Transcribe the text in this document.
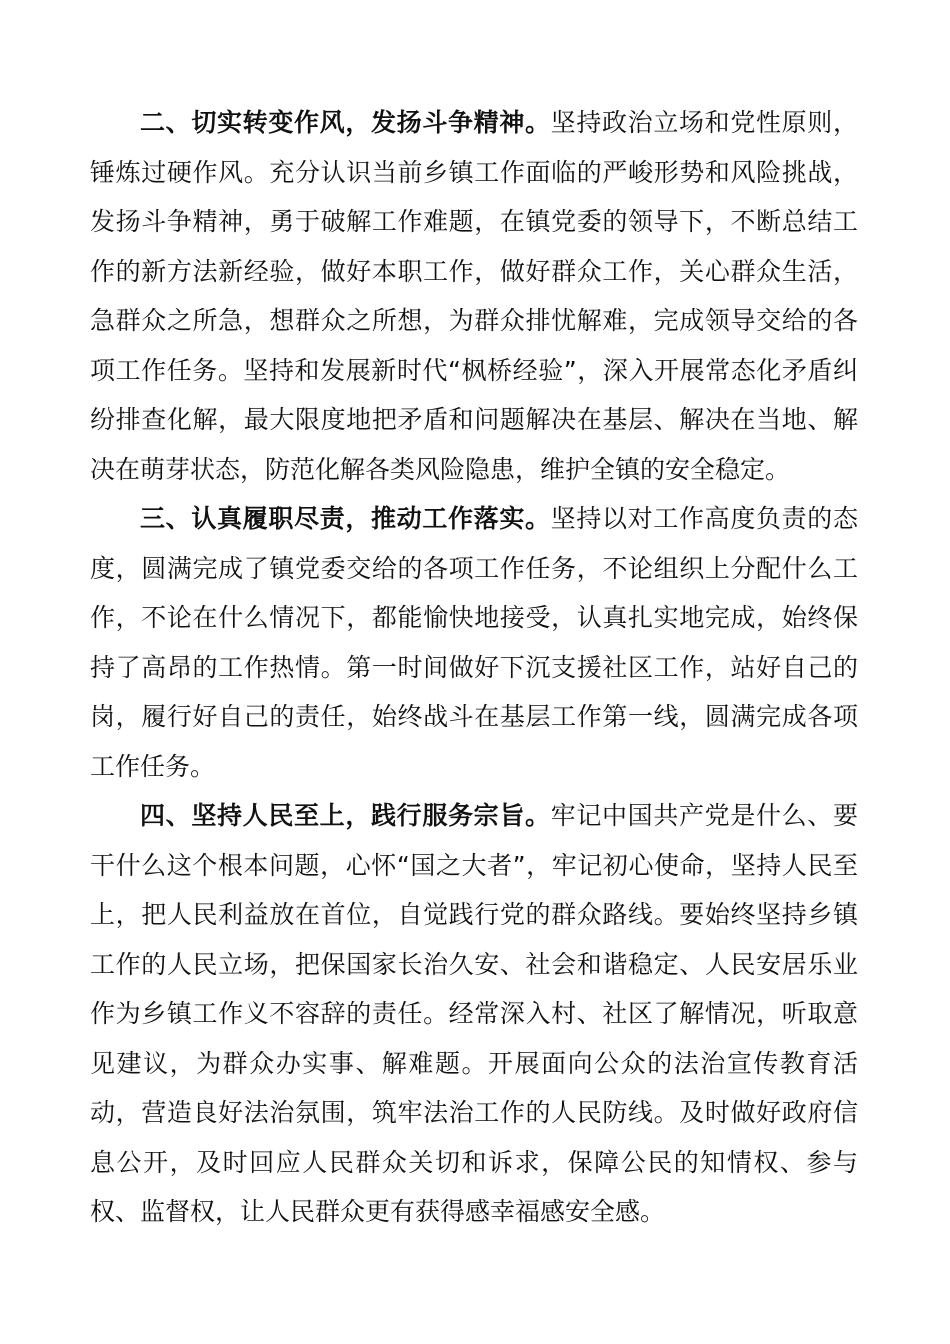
二、切实转变作风，发扬斗争精神。坚持政治立场和党性原则，锤炼过硬作风。充分认识当前乡镇工作面临的严峻形势和风险挑战，发扬斗争精神，勇于破解工作难题，在镇党委的领导下，不断总结工作的新方法新经验，做好本职工作，做好群众工作，关心群众生活，急群众之所急，想群众之所想，为群众排忧解难，完成领导交给的各项工作任务。坚持和发展新时代“枫桥经验”，深入开展常态化矛盾纠纷排查化解，最大限度地把矛盾和问题解决在基层、解决在当地、解决在萌芽状态，防范化解各类风险隐患，维护全镇的安全稳定。

三、认真履职尽责，推动工作落实。坚持以对工作高度负责的态度，圆满完成了镇党委交给的各项工作任务，不论组织上分配什么工作，不论在什么情况下，都能愉快地接受，认真扎实地完成，始终保持了高昂的工作热情。第一时间做好下沉支援社区工作，站好自己的岗，履行好自己的责任，始终战斗在基层工作第一线，圆满完成各项工作任务。

四、坚持人民至上，践行服务宗旨。牢记中国共产党是什么、要干什么这个根本问题，心怀“国之大者”，牢记初心使命，坚持人民至上，把人民利益放在首位，自觉践行党的群众路线。要始终坚持乡镇工作的人民立场，把保国家长治久安、社会和谐稳定、人民安居乐业作为乡镇工作义不容辞的责任。经常深入村、社区了解情况，听取意见建议，为群众办实事、解难题。开展面向公众的法治宣传教育活动，营造良好法治氛围，筑牢法治工作的人民防线。及时做好政府信息公开，及时回应人民群众关切和诉求，保障公民的知情权、参与权、监督权，让人民群众更有获得感幸福感安全感。
